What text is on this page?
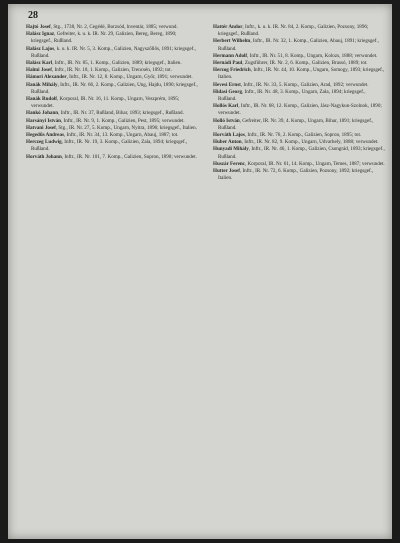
28

Hajtó Josef, Stg., 1738, Nr. 2, Cegédé, Borzsód, lnventár, 1885; verwund.

Halász Ignaz, Gefreiter, k. u. k. IR. Nr. 29, Galizien, Bereg, Bereg, 1890; kriegsgef., Rußland.

Halász Lajos, k. u. k. IR. Nr. 5, 3. Komp., Galizien, Nagyszőllős, 1891; kriegsgef., Rußland.

Halász Karl, Inftr., IR. Nr. 85, 1. Komp., Galizien, 1889; kriegsgef., Italien.

Halmi Josef, Inftr., IR. Nr. 18, 1. Komp., Galizien, Trencsén, 1892; tot.

Hámori Alexander, Inftr., IR. Nr. 12, 8. Komp., Ungarn, Győr, 1891; verwundet.

Hanák Mihály, Inftr., IR. Nr. 66, 2. Komp., Galizien, Ung, Hajdu, 1890; kriegsgef., Rußland.

Hanák Rudolf, Korporal, IR. Nr. 16, 11. Komp., Ungarn, Veszprém, 1895; verwundet.

Hankó Johann, Inftr., IR. Nr. 37, Rußland, Bihar, 1893; kriegsgef., Rußland.

Harsányi István, Inftr., IR. Nr. 9, 1. Komp., Galizien, Pest, 1895; verwundet.

Hatvani Josef, Stg., IR. Nr. 27, 5. Komp., Ungarn, Nyitra, 1896; kriegsgef., Italien.

Hegedűs Andreas, Inftr., IR. Nr. 34, 13. Komp., Ungarn, Abauj, 1887; tot.

Herczeg Ludwig, Inftr., IR. Nr. 19, 3. Komp., Galizien, Zala, 1894; kriegsgef., Rußland.

Horváth Johann, Inftr., IR. Nr. 101, 7. Komp., Galizien, Sopron, 1890; verwundet.

Hattér Andor, Inftr., k. u. k. IR. Nr. 84, 2. Komp., Galizien, Pozsony, 1896; kriegsgef., Rußland.

Herbert Wilhelm, Inftr., IR. Nr. 32, 1. Komp., Galizien, Abauj, 1891; kriegsgef., Rußland.

Hermann Adolf, Inftr., IR. Nr. 51, 8. Komp., Ungarn, Kolozs, 1888; verwundet.

Hernádi Paul, Zugsführer, IR. Nr. 2, 6. Komp., Galizien, Brassó, 1889; tot.

Herzog Friedrich, Inftr., IR. Nr. 44, 10. Komp., Ungarn, Somogy, 1893; kriegsgef., Italien.

Hevesi Ernst, Inftr., IR. Nr. 33, 5. Komp., Galizien, Arad, 1892; verwundet.

Hidasi Georg, Inftr., IR. Nr. 48, 3. Komp., Ungarn, Zala, 1894; kriegsgef., Rußland.

Hollós Karl, Inftr., IR. Nr. 68, 12. Komp., Galizien, Jász-Nagykun-Szolnok, 1890; verwundet.

Holló István, Gefreiter, IR. Nr. 39, 4. Komp., Ungarn, Bihar, 1891; kriegsgef., Rußland.

Horváth Lajos, Inftr., IR. Nr. 76, 2. Komp., Galizien, Sopron, 1895; tot.

Huber Anton, Inftr., IR. Nr. 82, 9. Komp., Ungarn, Udvarhely, 1888; verwundet.

Hunyadi Mihály, Inftr., IR. Nr. 46, 1. Komp., Galizien, Csongrád, 1893; kriegsgef., Rußland.

Huszár Ferenc, Korporal, IR. Nr. 61, 14. Komp., Ungarn, Temes, 1887; verwundet.

Hutter Josef, Inftr., IR. Nr. 72, 6. Komp., Galizien, Pozsony, 1892; kriegsgef., Italien.
